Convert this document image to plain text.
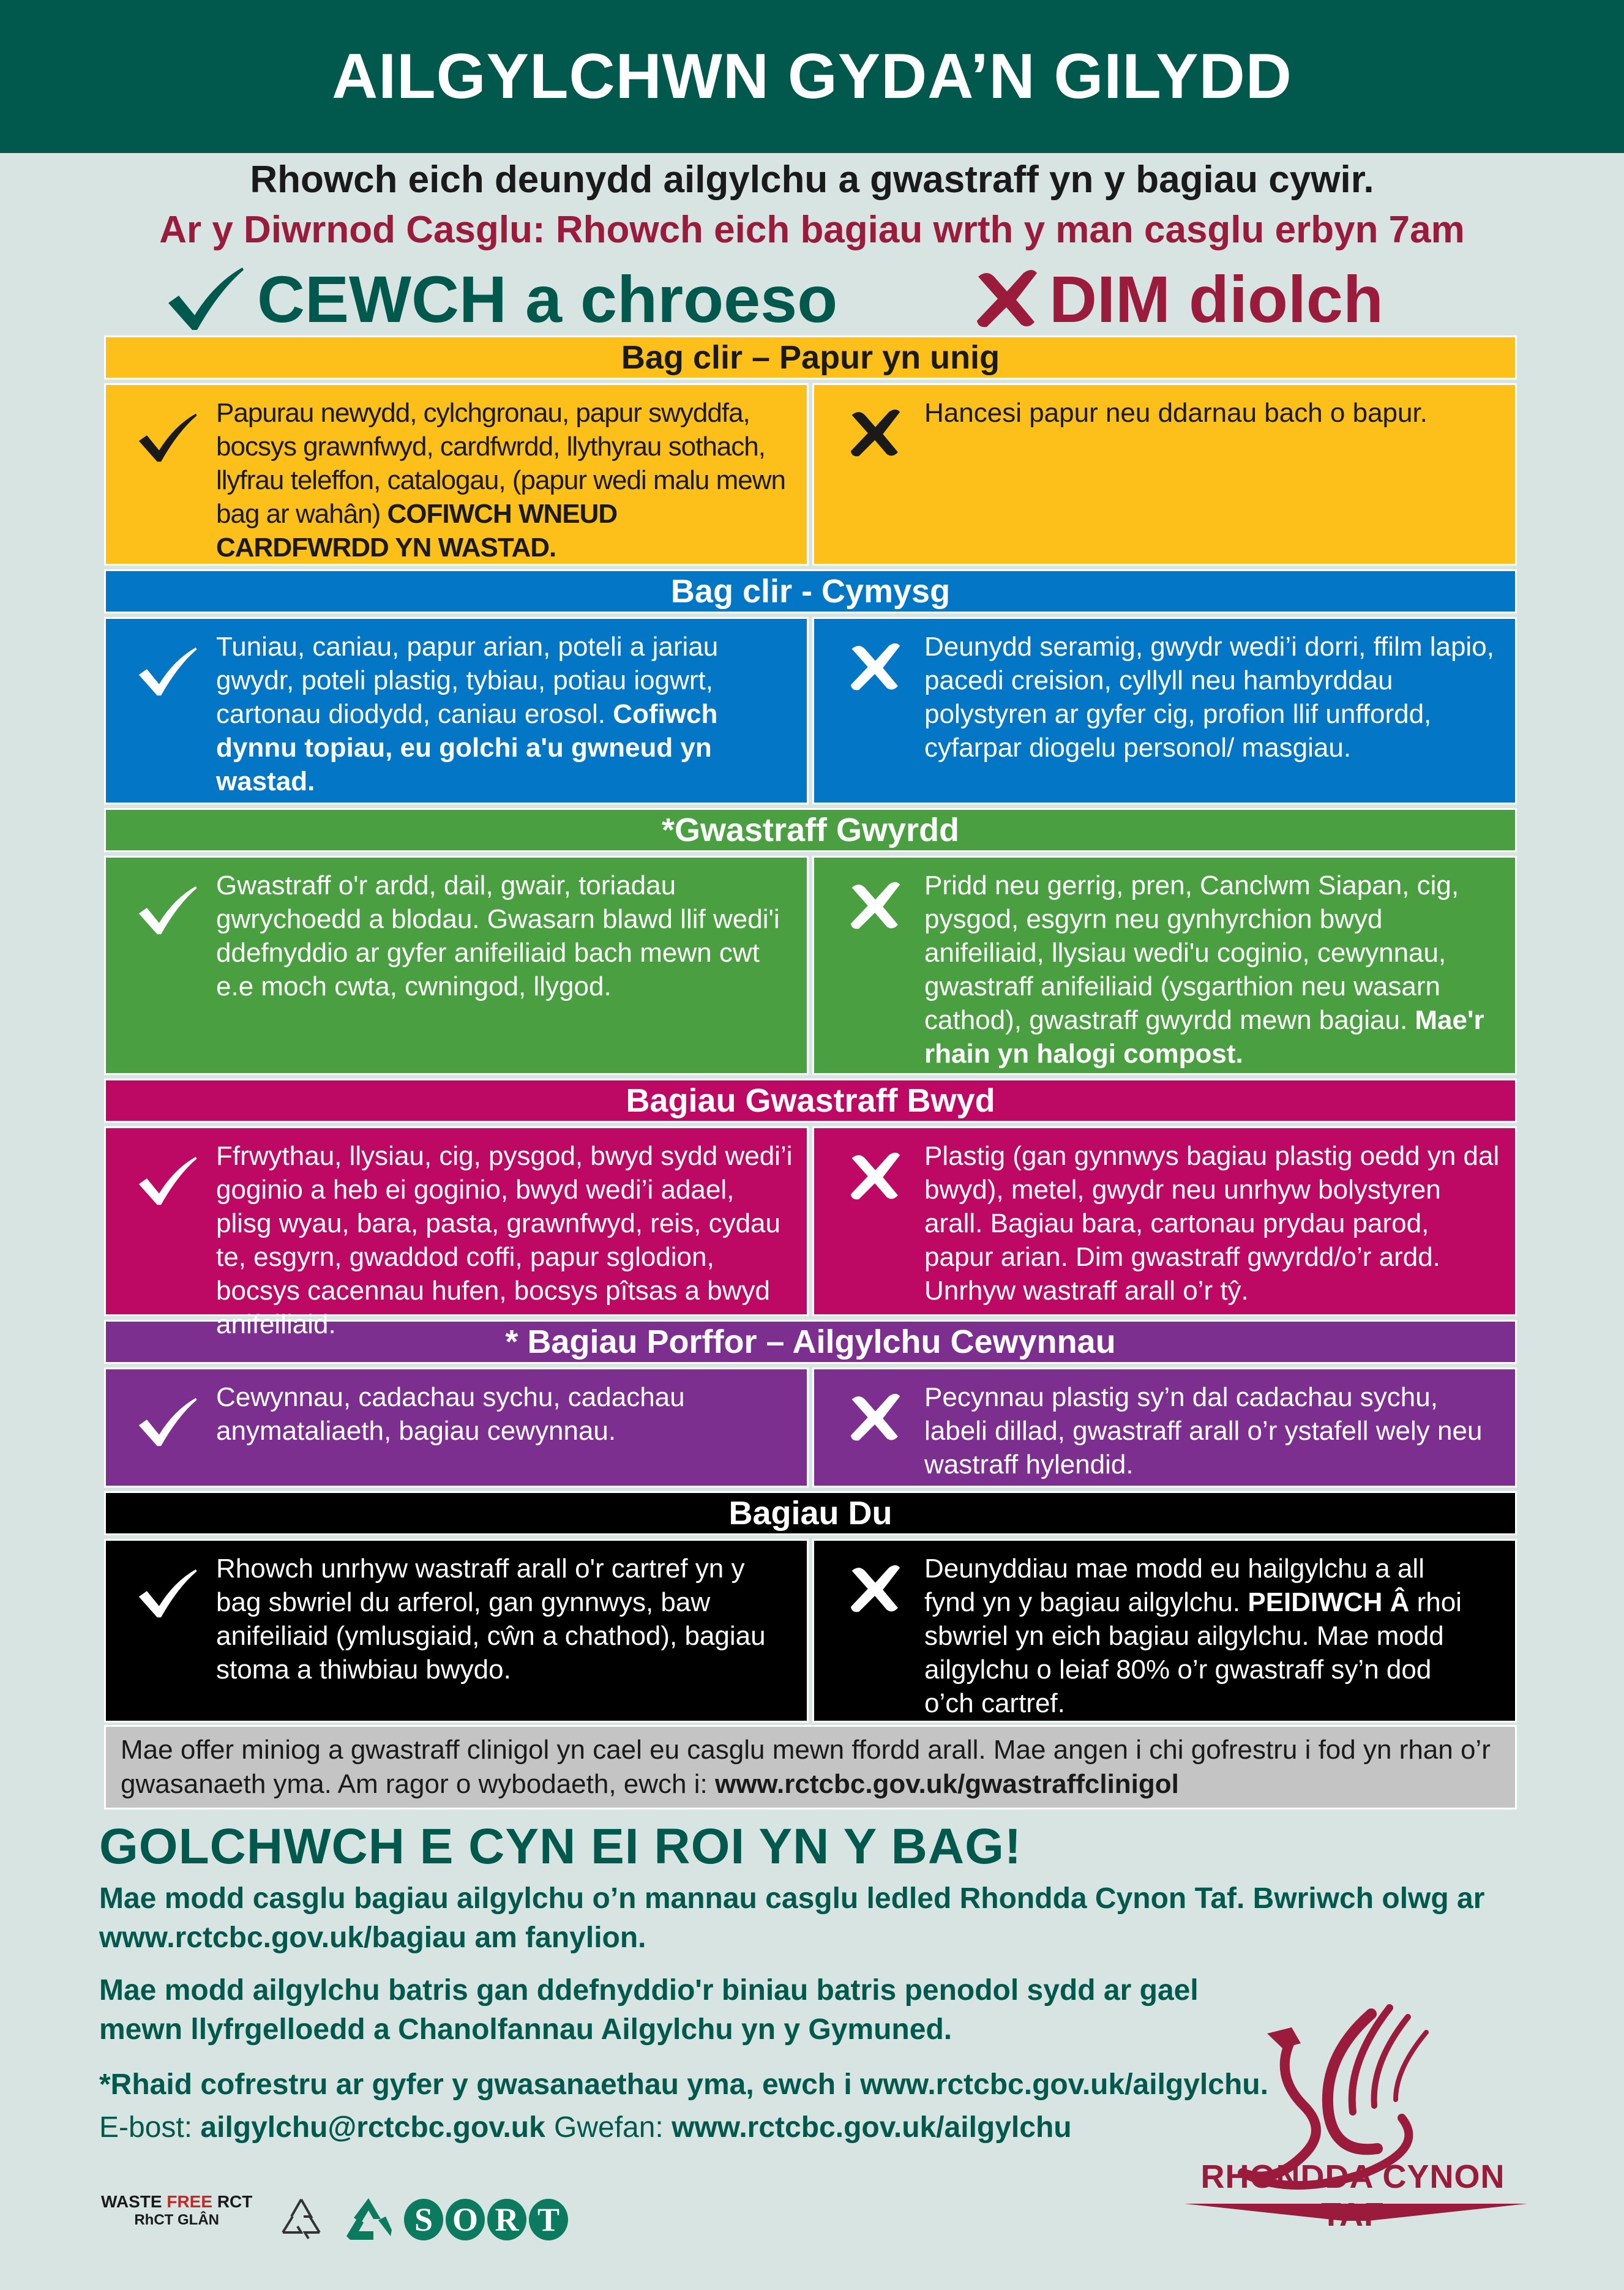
AILGYLCHWN GYDA’N GILYDD
Rhowch eich deunydd ailgylchu a gwastraff yn y bagiau cywir.
Ar y Diwrnod Casglu: Rhowch eich bagiau wrth y man casglu erbyn 7am
CEWCH a chroeso	DIM diolch
Bag clir – Papur yn unig
Papurau newydd, cylchgronau, papur swyddfa, bocsys grawnfwyd, cardfwrdd, llythyrau sothach, llyfrau teleffon, catalogau, (papur wedi malu mewn bag ar wahân) COFIWCH WNEUD CARDFWRDD YN WASTAD.
Hancesi papur neu ddarnau bach o bapur.
Bag clir - Cymysg
Tuniau, caniau, papur arian, poteli a jariau gwydr, poteli plastig, tybiau, potiau iogwrt, cartonau diodydd, caniau erosol. Cofiwch dynnu topiau, eu golchi a'u gwneud yn wastad.
Deunydd seramig, gwydr wedi’i dorri, ffilm lapio, pacedi creision, cyllyll neu hambyrddau polystyren ar gyfer cig, profion llif unffordd, cyfarpar diogelu personol/ masgiau.
*Gwastraff Gwyrdd
Gwastraff o'r ardd, dail, gwair, toriadau gwrychoedd a blodau. Gwasarn blawd llif wedi'i ddefnyddio ar gyfer anifeiliaid bach mewn cwt e.e moch cwta, cwningod, llygod.
Pridd neu gerrig, pren, Canclwm Siapan, cig, pysgod, esgyrn neu gynhyrchion bwyd anifeiliaid, llysiau wedi'u coginio, cewynnau, gwastraff anifeiliaid (ysgarthion neu wasarn cathod), gwastraff gwyrdd mewn bagiau. Mae'r rhain yn halogi compost.
Bagiau Gwastraff Bwyd
Ffrwythau, llysiau, cig, pysgod, bwyd sydd wedi’i goginio a heb ei goginio, bwyd wedi’i adael, plisg wyau, bara, pasta, grawnfwyd, reis, cydau te, esgyrn, gwaddod coffi, papur sglodion, bocsys cacennau hufen, bocsys pîtsas a bwyd anifeiliaid.
Plastig (gan gynnwys bagiau plastig oedd yn dal bwyd), metel, gwydr neu unrhyw bolystyren arall. Bagiau bara, cartonau prydau parod, papur arian. Dim gwastraff gwyrdd/o’r ardd. Unrhyw wastraff arall o’r tŷ.
* Bagiau Porffor – Ailgylchu Cewynnau
Cewynnau, cadachau sychu, cadachau anymataliaeth, bagiau cewynnau.
Pecynnau plastig sy’n dal cadachau sychu, labeli dillad, gwastraff arall o’r ystafell wely neu wastraff hylendid.
Bagiau Du
Rhowch unrhyw wastraff arall o'r cartref yn y bag sbwriel du arferol, gan gynnwys, baw anifeiliaid (ymlusgiaid, cŵn a chathod), bagiau stoma a thiwbiau bwydo.
Deunyddiau mae modd eu hailgylchu a all fynd yn y bagiau ailgylchu. PEIDIWCH Â rhoi sbwriel yn eich bagiau ailgylchu. Mae modd ailgylchu o leiaf 80% o’r gwastraff sy’n dod o’ch cartref.
Mae offer miniog a gwastraff clinigol yn cael eu casglu mewn ffordd arall. Mae angen i chi gofrestru i fod yn rhan o’r gwasanaeth yma. Am ragor o wybodaeth, ewch i: www.rctcbc.gov.uk/gwastraffclinigol
GOLCHWCH E CYN EI ROI YN Y BAG!
Mae modd casglu bagiau ailgylchu o’n mannau casglu ledled Rhondda Cynon Taf. Bwriwch olwg ar
www.rctcbc.gov.uk/bagiau am fanylion.
Mae modd ailgylchu batris gan ddefnyddio'r biniau batris penodol sydd ar gael
mewn llyfrgelloedd a Chanolfannau Ailgylchu yn y Gymuned.
*Rhaid cofrestru ar gyfer y gwasanaethau yma, ewch i www.rctcbc.gov.uk/ailgylchu.
E-bost: ailgylchu@rctcbc.gov.uk Gwefan: www.rctcbc.gov.uk/ailgylchu
RHONDDA CYNON
WASTE FREE RCT
RhCT GLÂN	S O R T
